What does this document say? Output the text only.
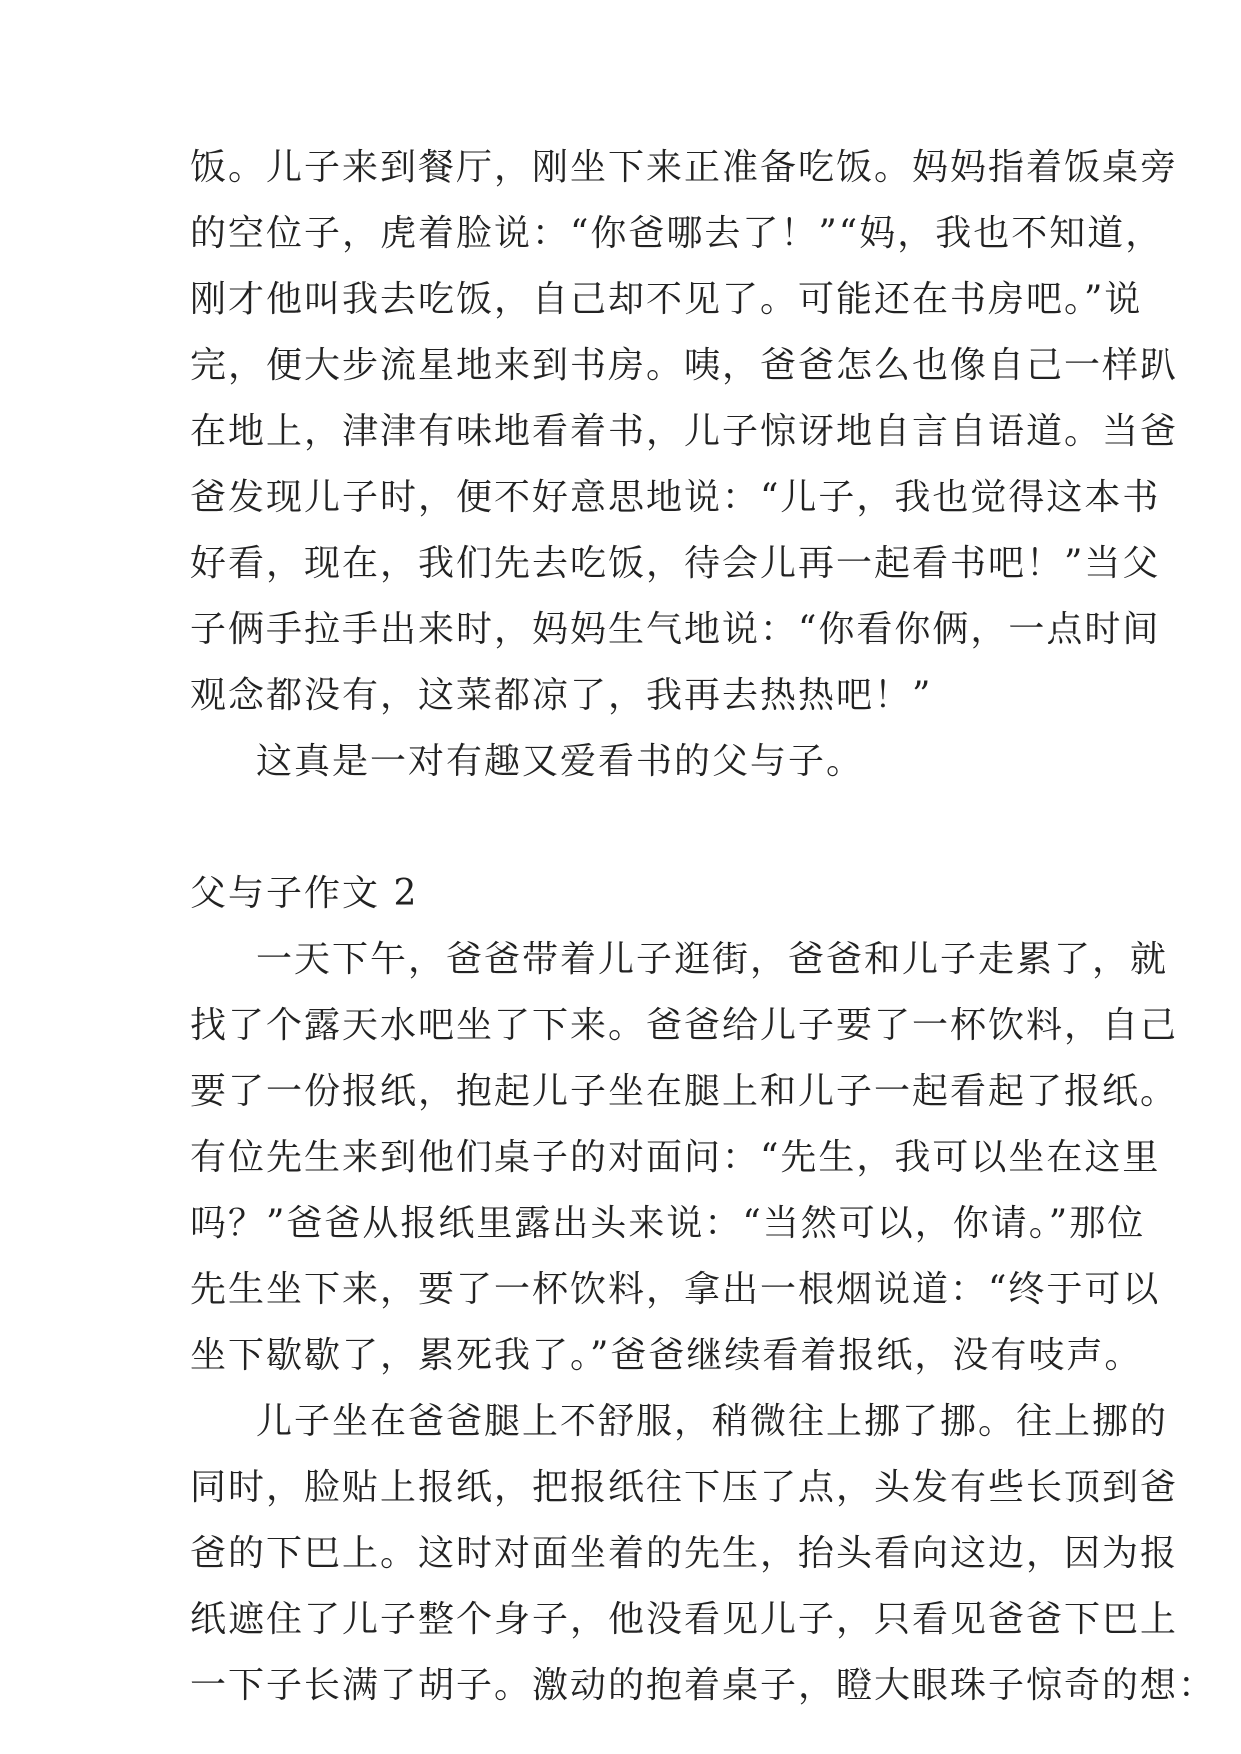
饭。儿子来到餐厅，刚坐下来正准备吃饭。妈妈指着饭桌旁
的空位子，虎着脸说：“你爸哪去了！”“妈，我也不知道，
刚才他叫我去吃饭，自己却不见了。可能还在书房吧。”说
完，便大步流星地来到书房。咦，爸爸怎么也像自己一样趴
在地上，津津有味地看着书，儿子惊讶地自言自语道。当爸
爸发现儿子时，便不好意思地说：“儿子，我也觉得这本书
好看，现在，我们先去吃饭，待会儿再一起看书吧！”当父
子俩手拉手出来时，妈妈生气地说：“你看你俩，一点时间
观念都没有，这菜都凉了，我再去热热吧！”
这真是一对有趣又爱看书的父与子。
父与子作文 2
一天下午，爸爸带着儿子逛街，爸爸和儿子走累了，就
找了个露天水吧坐了下来。爸爸给儿子要了一杯饮料，自己
要了一份报纸，抱起儿子坐在腿上和儿子一起看起了报纸。
有位先生来到他们桌子的对面问：“先生，我可以坐在这里
吗？”爸爸从报纸里露出头来说：“当然可以，你请。”那位
先生坐下来，要了一杯饮料，拿出一根烟说道：“终于可以
坐下歇歇了，累死我了。”爸爸继续看着报纸，没有吱声。
儿子坐在爸爸腿上不舒服，稍微往上挪了挪。往上挪的
同时，脸贴上报纸，把报纸往下压了点，头发有些长顶到爸
爸的下巴上。这时对面坐着的先生，抬头看向这边，因为报
纸遮住了儿子整个身子，他没看见儿子，只看见爸爸下巴上
一下子长满了胡子。激动的抱着桌子，瞪大眼珠子惊奇的想：
